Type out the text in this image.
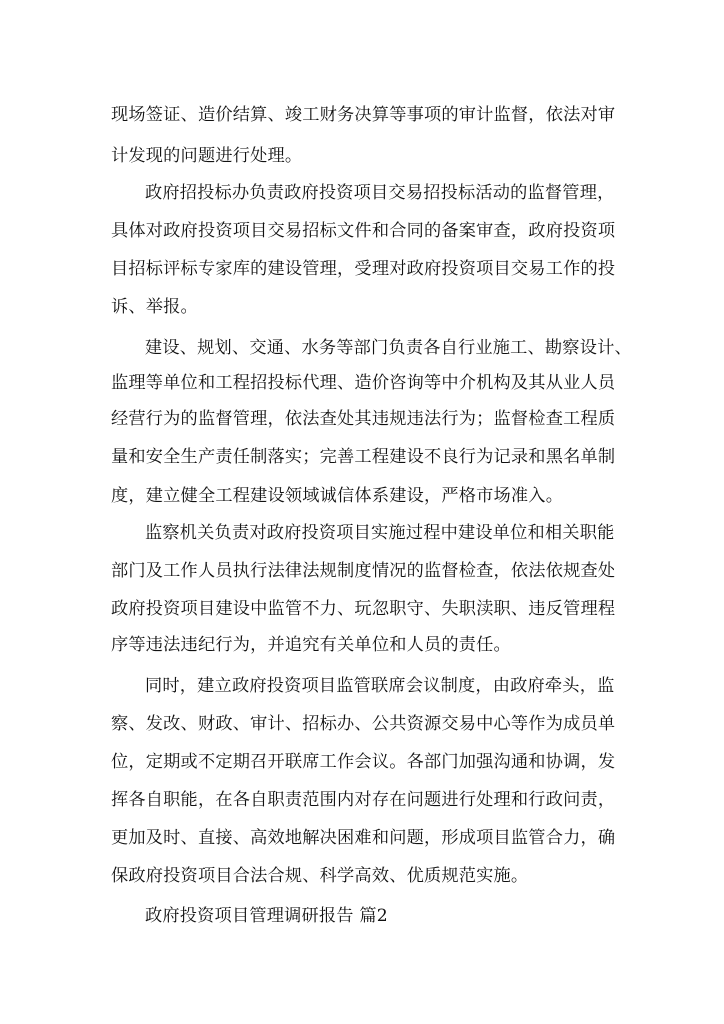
现场签证、造价结算、竣工财务决算等事项的审计监督，依法对审
计发现的问题进行处理。
政府招投标办负责政府投资项目交易招投标活动的监督管理，
具体对政府投资项目交易招标文件和合同的备案审查，政府投资项
目招标评标专家库的建设管理，受理对政府投资项目交易工作的投
诉、举报。
建设、规划、交通、水务等部门负责各自行业施工、勘察设计、
监理等单位和工程招投标代理、造价咨询等中介机构及其从业人员
经营行为的监督管理，依法查处其违规违法行为；监督检查工程质
量和安全生产责任制落实；完善工程建设不良行为记录和黑名单制
度，建立健全工程建设领域诚信体系建设，严格市场准入。
监察机关负责对政府投资项目实施过程中建设单位和相关职能
部门及工作人员执行法律法规制度情况的监督检查，依法依规查处
政府投资项目建设中监管不力、玩忽职守、失职渎职、违反管理程
序等违法违纪行为，并追究有关单位和人员的责任。
同时，建立政府投资项目监管联席会议制度，由政府牵头，监
察、发改、财政、审计、招标办、公共资源交易中心等作为成员单
位，定期或不定期召开联席工作会议。各部门加强沟通和协调，发
挥各自职能，在各自职责范围内对存在问题进行处理和行政问责，
更加及时、直接、高效地解决困难和问题，形成项目监管合力，确
保政府投资项目合法合规、科学高效、优质规范实施。
政府投资项目管理调研报告 篇2
